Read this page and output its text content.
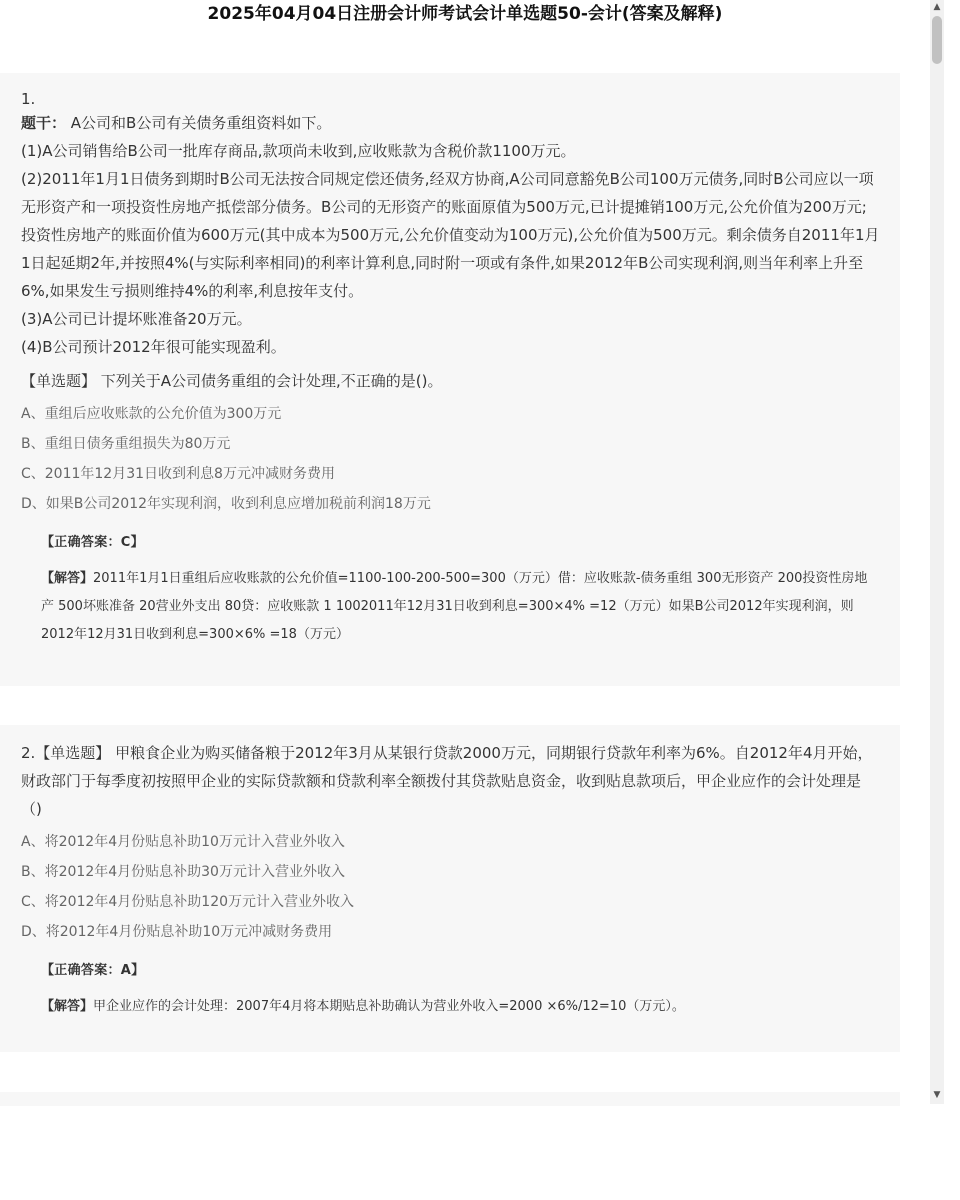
2025年04月04日注册会计师考试会计单选题50-会计(答案及解释)
1.
题干： A公司和B公司有关债务重组资料如下。
(1)A公司销售给B公司一批库存商品,款项尚未收到,应收账款为含税价款1100万元。
(2)2011年1月1日债务到期时B公司无法按合同规定偿还债务,经双方协商,A公司同意豁免B公司100万元债务,同时B公司应以一项无形资产和一项投资性房地产抵偿部分债务。B公司的无形资产的账面原值为500万元,已计提摊销100万元,公允价值为200万元;投资性房地产的账面价值为600万元(其中成本为500万元,公允价值变动为100万元),公允价值为500万元。剩余债务自2011年1月1日起延期2年,并按照4%(与实际利率相同)的利率计算利息,同时附一项或有条件,如果2012年B公司实现利润,则当年利率上升至6%,如果发生亏损则维持4%的利率,利息按年支付。
(3)A公司已计提坏账准备20万元。
(4)B公司预计2012年很可能实现盈利。
【单选题】 下列关于A公司债务重组的会计处理,不正确的是()。
A、重组后应收账款的公允价值为300万元
B、重组日债务重组损失为80万元
C、2011年12月31日收到利息8万元冲减财务费用
D、如果B公司2012年实现利润，收到利息应增加税前利润18万元
【正确答案：C】
【解答】2011年1月1日重组后应收账款的公允价值=1100-100-200-500=300（万元）借：应收账款-债务重组 300无形资产 200投资性房地产 500坏账准备 20营业外支出 80贷：应收账款 1 1002011年12月31日收到利息=300×4% =12（万元）如果B公司2012年实现利润，则2012年12月31日收到利息=300×6% =18（万元）
2.【单选题】 甲粮食企业为购买储备粮于2012年3月从某银行贷款2000万元，同期银行贷款年利率为6%。自2012年4月开始，财政部门于每季度初按照甲企业的实际贷款额和贷款利率全额拨付其贷款贴息资金，收到贴息款项后，甲企业应作的会计处理是（)
A、将2012年4月份贴息补助10万元计入营业外收入
B、将2012年4月份贴息补助30万元计入营业外收入
C、将2012年4月份贴息补助120万元计入营业外收入
D、将2012年4月份贴息补助10万元冲减财务费用
【正确答案：A】
【解答】甲企业应作的会计处理：2007年4月将本期贴息补助确认为营业外收入=2000 ×6%/12=10（万元）。
▲
▼
